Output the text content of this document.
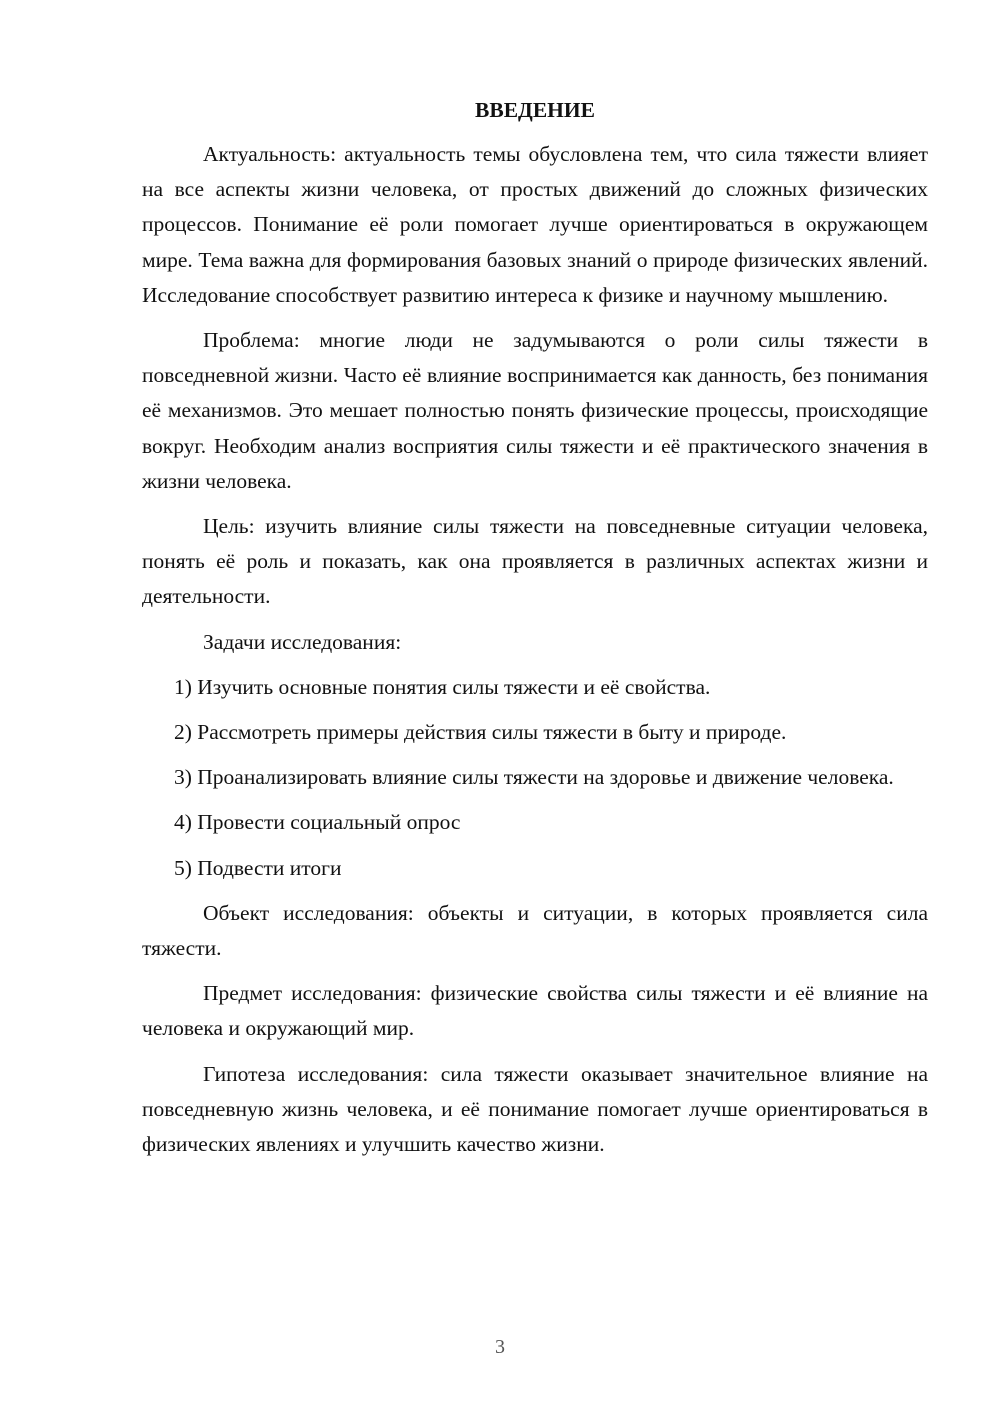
ВВЕДЕНИЕ

Актуальность: актуальность темы обусловлена тем, что сила тяжести влияет на все аспекты жизни человека, от простых движений до сложных физических процессов. Понимание её роли помогает лучше ориентироваться в окружающем мире. Тема важна для формирования базовых знаний о природе физических явлений. Исследование способствует развитию интереса к физике и научному мышлению.

Проблема: многие люди не задумываются о роли силы тяжести в повседневной жизни. Часто её влияние воспринимается как данность, без понимания её механизмов. Это мешает полностью понять физические процессы, происходящие вокруг. Необходим анализ восприятия силы тяжести и её практического значения в жизни человека.

Цель: изучить влияние силы тяжести на повседневные ситуации человека, понять её роль и показать, как она проявляется в различных аспектах жизни и деятельности.

Задачи исследования:

1) Изучить основные понятия силы тяжести и её свойства.

2) Рассмотреть примеры действия силы тяжести в быту и природе.

3) Проанализировать влияние силы тяжести на здоровье и движение человека.

4) Провести социальный опрос

5) Подвести итоги

Объект исследования: объекты и ситуации, в которых проявляется сила тяжести.

Предмет исследования: физические свойства силы тяжести и её влияние на человека и окружающий мир.

Гипотеза исследования: сила тяжести оказывает значительное влияние на повседневную жизнь человека, и её понимание помогает лучше ориентироваться в физических явлениях и улучшить качество жизни.

3
